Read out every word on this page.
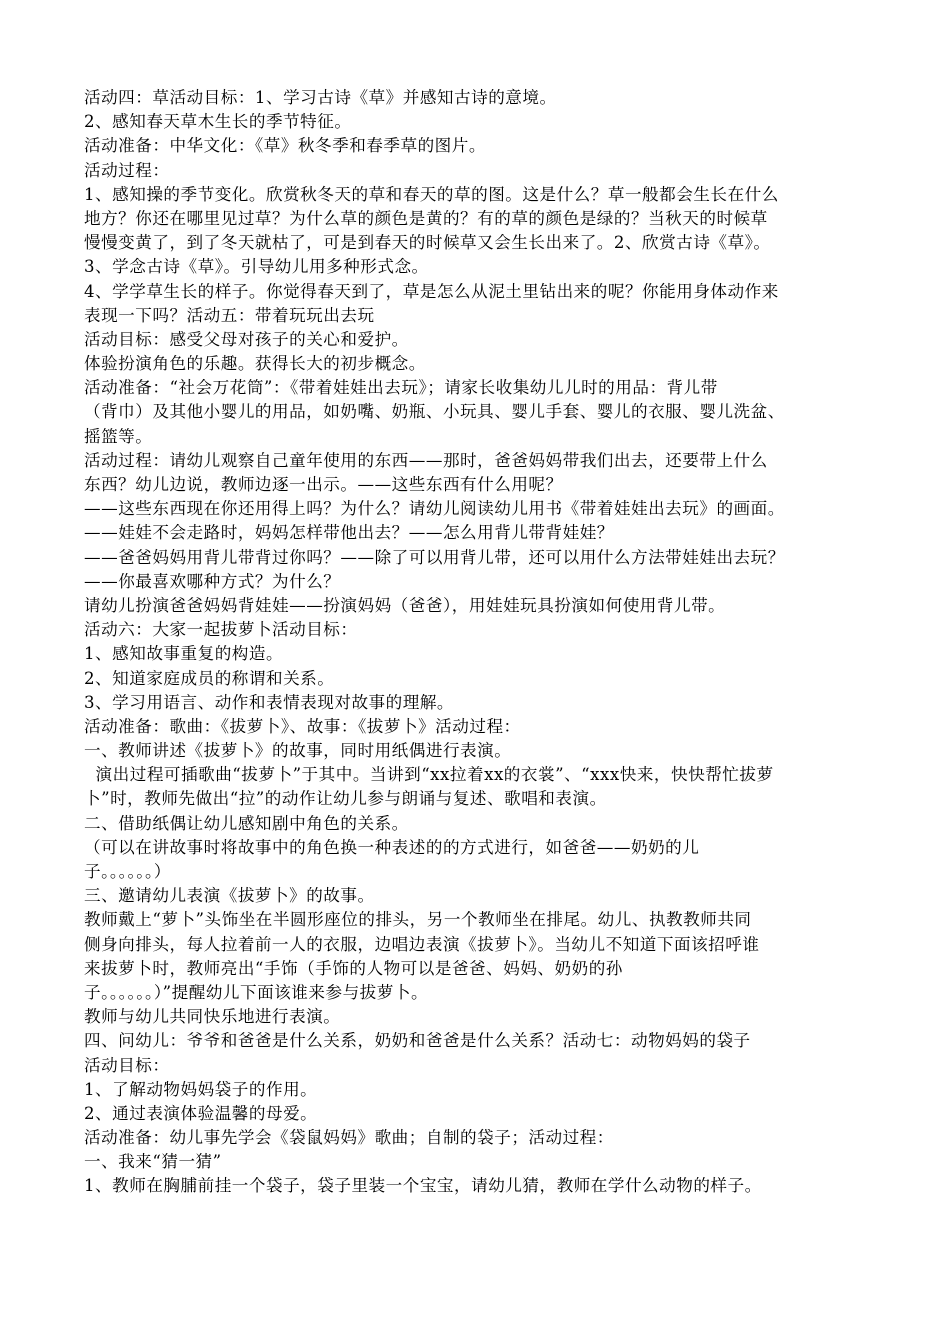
活动四：草活动目标：1、学习古诗《草》并感知古诗的意境。

2、感知春天草木生长的季节特征。

活动准备：中华文化：《草》秋冬季和春季草的图片。

活动过程：

1、感知操的季节变化。欣赏秋冬天的草和春天的草的图。这是什么？草一般都会生长在什么

地方？你还在哪里见过草？为什么草的颜色是黄的？有的草的颜色是绿的？当秋天的时候草

慢慢变黄了，到了冬天就枯了，可是到春天的时候草又会生长出来了。2、欣赏古诗《草》。

3、学念古诗《草》。引导幼儿用多种形式念。

4、学学草生长的样子。你觉得春天到了，草是怎么从泥土里钻出来的呢？你能用身体动作来

表现一下吗？活动五：带着玩玩出去玩

活动目标：感受父母对孩子的关心和爱护。

体验扮演角色的乐趣。获得长大的初步概念。

活动准备：“社会万花筒”：《带着娃娃出去玩》；请家长收集幼儿儿时的用品：背儿带

（背巾）及其他小婴儿的用品，如奶嘴、奶瓶、小玩具、婴儿手套、婴儿的衣服、婴儿洗盆、

摇篮等。

活动过程：请幼儿观察自己童年使用的东西——那时，爸爸妈妈带我们出去，还要带上什么

东西？幼儿边说，教师边逐一出示。——这些东西有什么用呢？

——这些东西现在你还用得上吗？为什么？请幼儿阅读幼儿用书《带着娃娃出去玩》的画面。

——娃娃不会走路时，妈妈怎样带他出去？——怎么用背儿带背娃娃？

——爸爸妈妈用背儿带背过你吗？——除了可以用背儿带，还可以用什么方法带娃娃出去玩？

——你最喜欢哪种方式？为什么？

请幼儿扮演爸爸妈妈背娃娃——扮演妈妈（爸爸），用娃娃玩具扮演如何使用背儿带。

活动六：大家一起拔萝卜活动目标：

1、感知故事重复的构造。

2、知道家庭成员的称谓和关系。

3、学习用语言、动作和表情表现对故事的理解。

活动准备：歌曲：《拔萝卜》、故事：《拔萝卜》活动过程：

一、教师讲述《拔萝卜》的故事，同时用纸偶进行表演。

演出过程可插歌曲“拔萝卜”于其中。当讲到“xx拉着xx的衣裳”、“xxx快来，快快帮忙拔萝

卜”时，教师先做出“拉”的动作让幼儿参与朗诵与复述、歌唱和表演。

二、借助纸偶让幼儿感知剧中角色的关系。

（可以在讲故事时将故事中的角色换一种表述的的方式进行，如爸爸——奶奶的儿

子。。。。。。）

三、邀请幼儿表演《拔萝卜》的故事。

教师戴上“萝卜”头饰坐在半圆形座位的排头，另一个教师坐在排尾。幼儿、执教教师共同

侧身向排头，每人拉着前一人的衣服，边唱边表演《拔萝卜》。当幼儿不知道下面该招呼谁

来拔萝卜时，教师亮出“手饰（手饰的人物可以是爸爸、妈妈、奶奶的孙

子。。。。。。）”提醒幼儿下面该谁来参与拔萝卜。

教师与幼儿共同快乐地进行表演。

四、问幼儿：爷爷和爸爸是什么关系，奶奶和爸爸是什么关系？活动七：动物妈妈的袋子

活动目标：

1、了解动物妈妈袋子的作用。

2、通过表演体验温馨的母爱。

活动准备：幼儿事先学会《袋鼠妈妈》歌曲；自制的袋子；活动过程：

一、我来“猜一猜”

1、教师在胸脯前挂一个袋子，袋子里装一个宝宝，请幼儿猜，教师在学什么动物的样子。
